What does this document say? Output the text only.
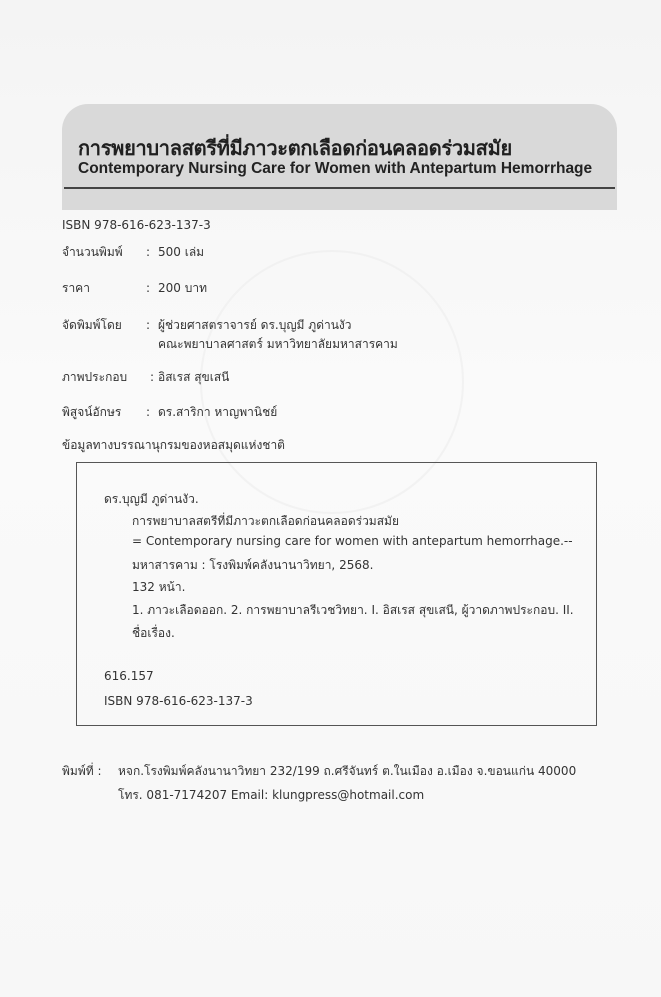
การพยาบาลสตรีที่มีภาวะตกเลือดก่อนคลอดร่วมสมัย
Contemporary Nursing Care for Women with Antepartum Hemorrhage
ISBN 978-616-623-137-3
จำนวนพิมพ์ : 500 เล่ม
ราคา	: 200 บาท
จัดพิมพ์โดย : ผู้ช่วยศาสตราจารย์ ดร.บุญมี ภูด่านงัว
คณะพยาบาลศาสตร์ มหาวิทยาลัยมหาสารคาม
ภาพประกอบ : อิสเรส สุขเสนี
พิสูจน์อักษร : ดร.สาริกา หาญพานิชย์
ข้อมูลทางบรรณานุกรมของหอสมุดแห่งชาติ
ดร.บุญมี ภูด่านงัว.
การพยาบาลสตรีที่มีภาวะตกเลือดก่อนคลอดร่วมสมัย
= Contemporary nursing care for women with antepartum hemorrhage.--
มหาสารคาม : โรงพิมพ์คลังนานาวิทยา, 2568.
132 หน้า.
1. ภาวะเลือดออก. 2. การพยาบาลรีเวชวิทยา. I. อิสเรส สุขเสนี, ผู้วาดภาพประกอบ. II.
ชื่อเรื่อง.
616.157
ISBN 978-616-623-137-3
พิมพ์ที่ : หจก.โรงพิมพ์คลังนานาวิทยา 232/199 ถ.ศรีจันทร์ ต.ในเมือง อ.เมือง จ.ขอนแก่น 40000
โทร. 081-7174207 Email: klungpress@hotmail.com
